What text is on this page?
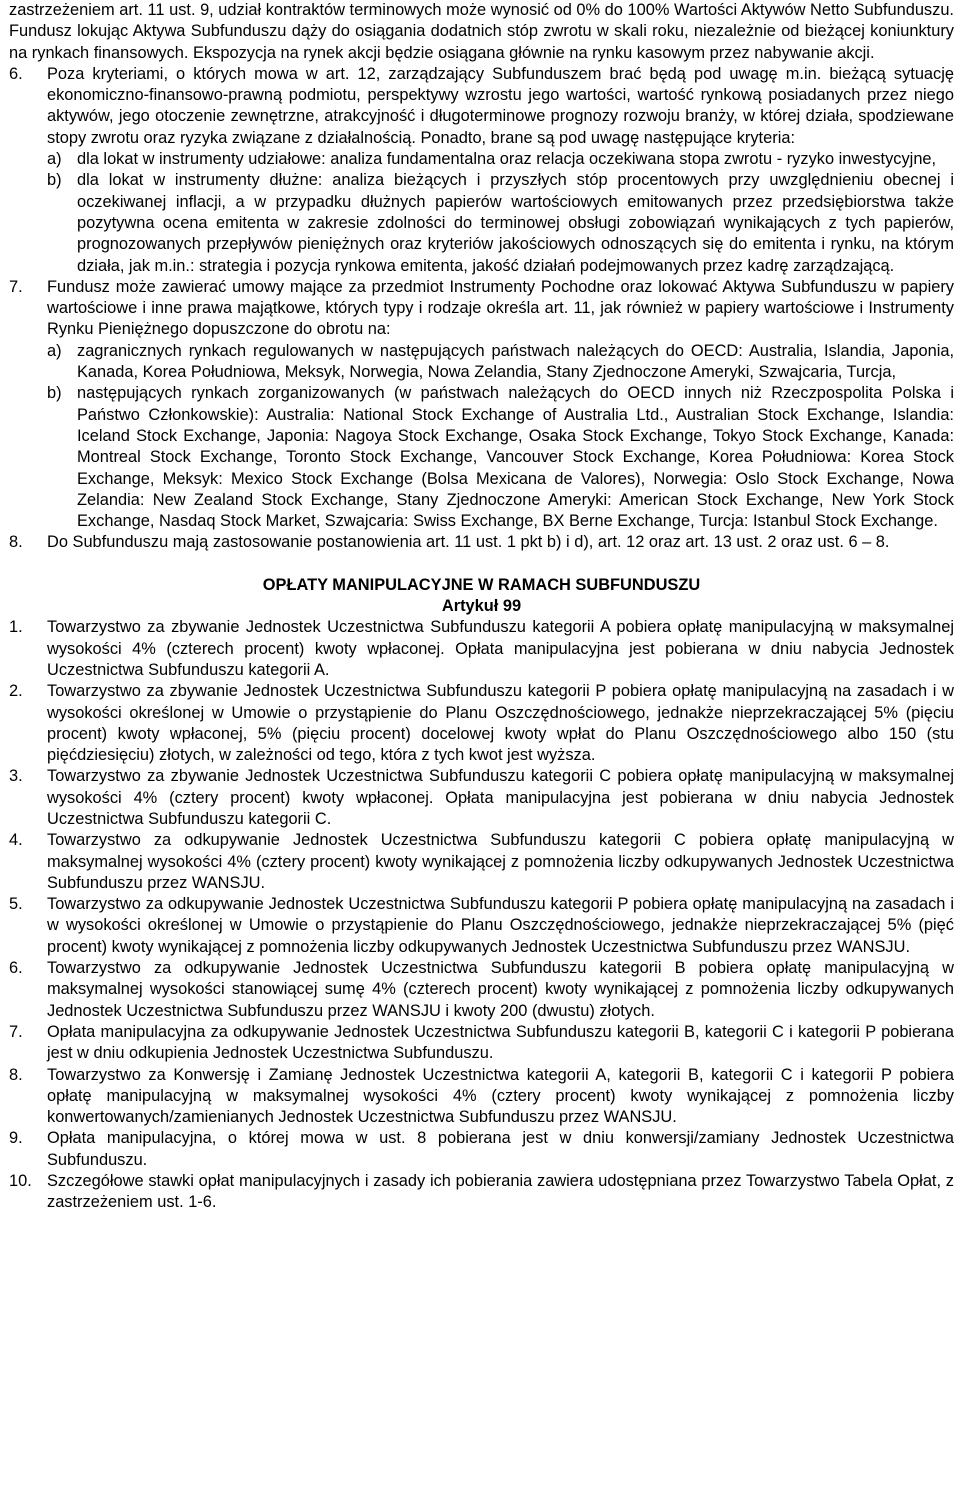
zastrzeżeniem art. 11 ust. 9, udział kontraktów terminowych może wynosić od 0% do 100% Wartości Aktywów Netto Subfunduszu. Fundusz lokując Aktywa Subfunduszu dąży do osiągania dodatnich stóp zwrotu w skali roku, niezależnie od bieżącej koniunktury na rynkach finansowych. Ekspozycja na rynek akcji będzie osiągana głównie na rynku kasowym przez nabywanie akcji.

6. Poza kryteriami, o których mowa w art. 12, zarządzający Subfunduszem brać będą pod uwagę m.in. bieżącą sytuację ekonomiczno-finansowo-prawną podmiotu, perspektywy wzrostu jego wartości, wartość rynkową posiadanych przez niego aktywów, jego otoczenie zewnętrzne, atrakcyjność i długoterminowe prognozy rozwoju branży, w której działa, spodziewane stopy zwrotu oraz ryzyka związane z działalnością. Ponadto, brane są pod uwagę następujące kryteria:
a) dla lokat w instrumenty udziałowe: analiza fundamentalna oraz relacja oczekiwana stopa zwrotu - ryzyko inwestycyjne,
b) dla lokat w instrumenty dłużne: analiza bieżących i przyszłych stóp procentowych przy uwzględnieniu obecnej i oczekiwanej inflacji, a w przypadku dłużnych papierów wartościowych emitowanych przez przedsiębiorstwa także pozytywna ocena emitenta w zakresie zdolności do terminowej obsługi zobowiązań wynikających z tych papierów, prognozowanych przepływów pieniężnych oraz kryteriów jakościowych odnoszących się do emitenta i rynku, na którym działa, jak m.in.: strategia i pozycja rynkowa emitenta, jakość działań podejmowanych przez kadrę zarządzającą.
7. Fundusz może zawierać umowy mające za przedmiot Instrumenty Pochodne oraz lokować Aktywa Subfunduszu w papiery wartościowe i inne prawa majątkowe, których typy i rodzaje określa art. 11, jak również w papiery wartościowe i Instrumenty Rynku Pieniężnego dopuszczone do obrotu na:
a) zagranicznych rynkach regulowanych w następujących państwach należących do OECD: Australia, Islandia, Japonia, Kanada, Korea Południowa, Meksyk, Norwegia, Nowa Zelandia, Stany Zjednoczone Ameryki, Szwajcaria, Turcja,
b) następujących rynkach zorganizowanych (w państwach należących do OECD innych niż Rzeczpospolita Polska i Państwo Członkowskie): Australia: National Stock Exchange of Australia Ltd., Australian Stock Exchange, Islandia: Iceland Stock Exchange, Japonia: Nagoya Stock Exchange, Osaka Stock Exchange, Tokyo Stock Exchange, Kanada: Montreal Stock Exchange, Toronto Stock Exchange, Vancouver Stock Exchange, Korea Południowa: Korea Stock Exchange, Meksyk: Mexico Stock Exchange (Bolsa Mexicana de Valores), Norwegia: Oslo Stock Exchange, Nowa Zelandia: New Zealand Stock Exchange, Stany Zjednoczone Ameryki: American Stock Exchange, New York Stock Exchange, Nasdaq Stock Market, Szwajcaria: Swiss Exchange, BX Berne Exchange, Turcja: Istanbul Stock Exchange.
8. Do Subfunduszu mają zastosowanie postanowienia art. 11 ust. 1 pkt b) i d), art. 12 oraz art. 13 ust. 2 oraz ust. 6 – 8.
OPŁATY MANIPULACYJNE W RAMACH SUBFUNDUSZU
Artykuł 99
1. Towarzystwo za zbywanie Jednostek Uczestnictwa Subfunduszu kategorii A pobiera opłatę manipulacyjną w maksymalnej wysokości 4% (czterech procent) kwoty wpłaconej. Opłata manipulacyjna jest pobierana w dniu nabycia Jednostek Uczestnictwa Subfunduszu kategorii A.
2. Towarzystwo za zbywanie Jednostek Uczestnictwa Subfunduszu kategorii P pobiera opłatę manipulacyjną na zasadach i w wysokości określonej w Umowie o przystąpienie do Planu Oszczędnościowego, jednakże nieprzekraczającej 5% (pięciu procent) kwoty wpłaconej, 5% (pięciu procent) docelowej kwoty wpłat do Planu Oszczędnościowego albo 150 (stu pięćdziesięciu) złotych, w zależności od tego, która z tych kwot jest wyższa.
3. Towarzystwo za zbywanie Jednostek Uczestnictwa Subfunduszu kategorii C pobiera opłatę manipulacyjną w maksymalnej wysokości 4% (cztery procent) kwoty wpłaconej. Opłata manipulacyjna jest pobierana w dniu nabycia Jednostek Uczestnictwa Subfunduszu kategorii C.
4. Towarzystwo za odkupywanie Jednostek Uczestnictwa Subfunduszu kategorii C pobiera opłatę manipulacyjną w maksymalnej wysokości 4% (cztery procent) kwoty wynikającej z pomnożenia liczby odkupywanych Jednostek Uczestnictwa Subfunduszu przez WANSJU.
5. Towarzystwo za odkupywanie Jednostek Uczestnictwa Subfunduszu kategorii P pobiera opłatę manipulacyjną na zasadach i w wysokości określonej w Umowie o przystąpienie do Planu Oszczędnościowego, jednakże nieprzekraczającej 5% (pięć procent) kwoty wynikającej z pomnożenia liczby odkupywanych Jednostek Uczestnictwa Subfunduszu przez WANSJU.
6. Towarzystwo za odkupywanie Jednostek Uczestnictwa Subfunduszu kategorii B pobiera opłatę manipulacyjną w maksymalnej wysokości stanowiącej sumę 4% (czterech procent) kwoty wynikającej z pomnożenia liczby odkupywanych Jednostek Uczestnictwa Subfunduszu przez WANSJU i kwoty 200 (dwustu) złotych.
7. Opłata manipulacyjna za odkupywanie Jednostek Uczestnictwa Subfunduszu kategorii B, kategorii C i kategorii P pobierana jest w dniu odkupienia Jednostek Uczestnictwa Subfunduszu.
8. Towarzystwo za Konwersję i Zamianę Jednostek Uczestnictwa kategorii A, kategorii B, kategorii C i kategorii P pobiera opłatę manipulacyjną w maksymalnej wysokości 4% (cztery procent) kwoty wynikającej z pomnożenia liczby konwertowanych/zamienianych Jednostek Uczestnictwa Subfunduszu przez WANSJU.
9. Opłata manipulacyjna, o której mowa w ust. 8 pobierana jest w dniu konwersji/zamiany Jednostek Uczestnictwa Subfunduszu.
10. Szczegółowe stawki opłat manipulacyjnych i zasady ich pobierania zawiera udostępniana przez Towarzystwo Tabela Opłat, z zastrzeżeniem ust. 1-6.
